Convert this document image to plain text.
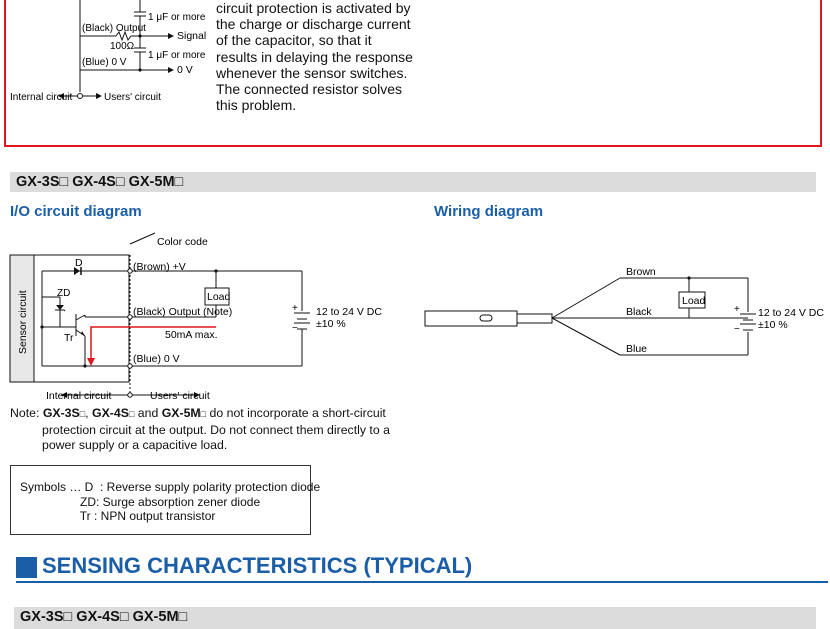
1 μF or more
(Black) Output
100Ω
Signal
1 μF or more
(Blue) 0 V
0 V
Internal circuit	Users' circuit
circuit protection is activated by
the charge or discharge current
of the capacitor, so that it
results in delaying the response
whenever the sensor switches.
The connected resistor solves
this problem.
GX-3S□ GX-4S□ GX-5M□
I/O circuit diagram	Wiring diagram
Load
Color code
D	(Brown) +V
Sensor circuit	ZD
Tr
(Black) Output (Note)
50mA max.
(Blue) 0 V
+
−
12 to 24 V DC
±10 %
Internal circuit	Users' circuit
Load
Brown
Black
Blue
+
−
12 to 24 V DC
±10 %
Note: GX-3S□, GX-4S□ and GX-5M□ do not incorporate a short-circuit
protection circuit at the output. Do not connect them directly to a
power supply or a capacitive load.
Symbols … D  : Reverse supply polarity protection diode
ZD: Surge absorption zener diode
Tr : NPN output transistor
SENSING CHARACTERISTICS (TYPICAL)
GX-3S□ GX-4S□ GX-5M□
